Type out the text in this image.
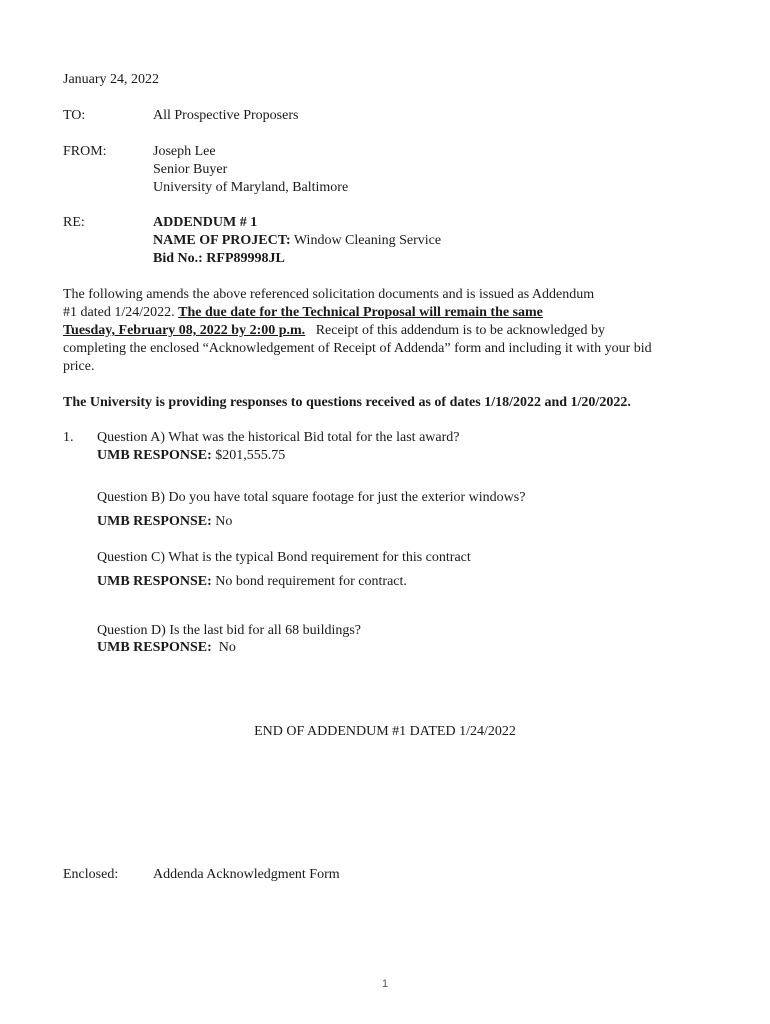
January 24, 2022
TO:	All Prospective Proposers
FROM:	Joseph Lee
Senior Buyer
University of Maryland, Baltimore
RE:	ADDENDUM # 1
NAME OF PROJECT: Window Cleaning Service
Bid No.: RFP89998JL
The following amends the above referenced solicitation documents and is issued as Addendum
#1 dated 1/24/2022. The due date for the Technical Proposal will remain the same
Tuesday, February 08, 2022 by 2:00 p.m.   Receipt of this addendum is to be acknowledged by
completing the enclosed “Acknowledgement of Receipt of Addenda” form and including it with your bid
price.
The University is providing responses to questions received as of dates 1/18/2022 and 1/20/2022.
1. Question A) What was the historical Bid total for the last award?
UMB RESPONSE: $201,555.75
Question B) Do you have total square footage for just the exterior windows?
UMB RESPONSE: No
Question C) What is the typical Bond requirement for this contract
UMB RESPONSE: No bond requirement for contract.
Question D) Is the last bid for all 68 buildings?
UMB RESPONSE:  No
END OF ADDENDUM #1 DATED 1/24/2022
Enclosed: Addenda Acknowledgment Form
1
